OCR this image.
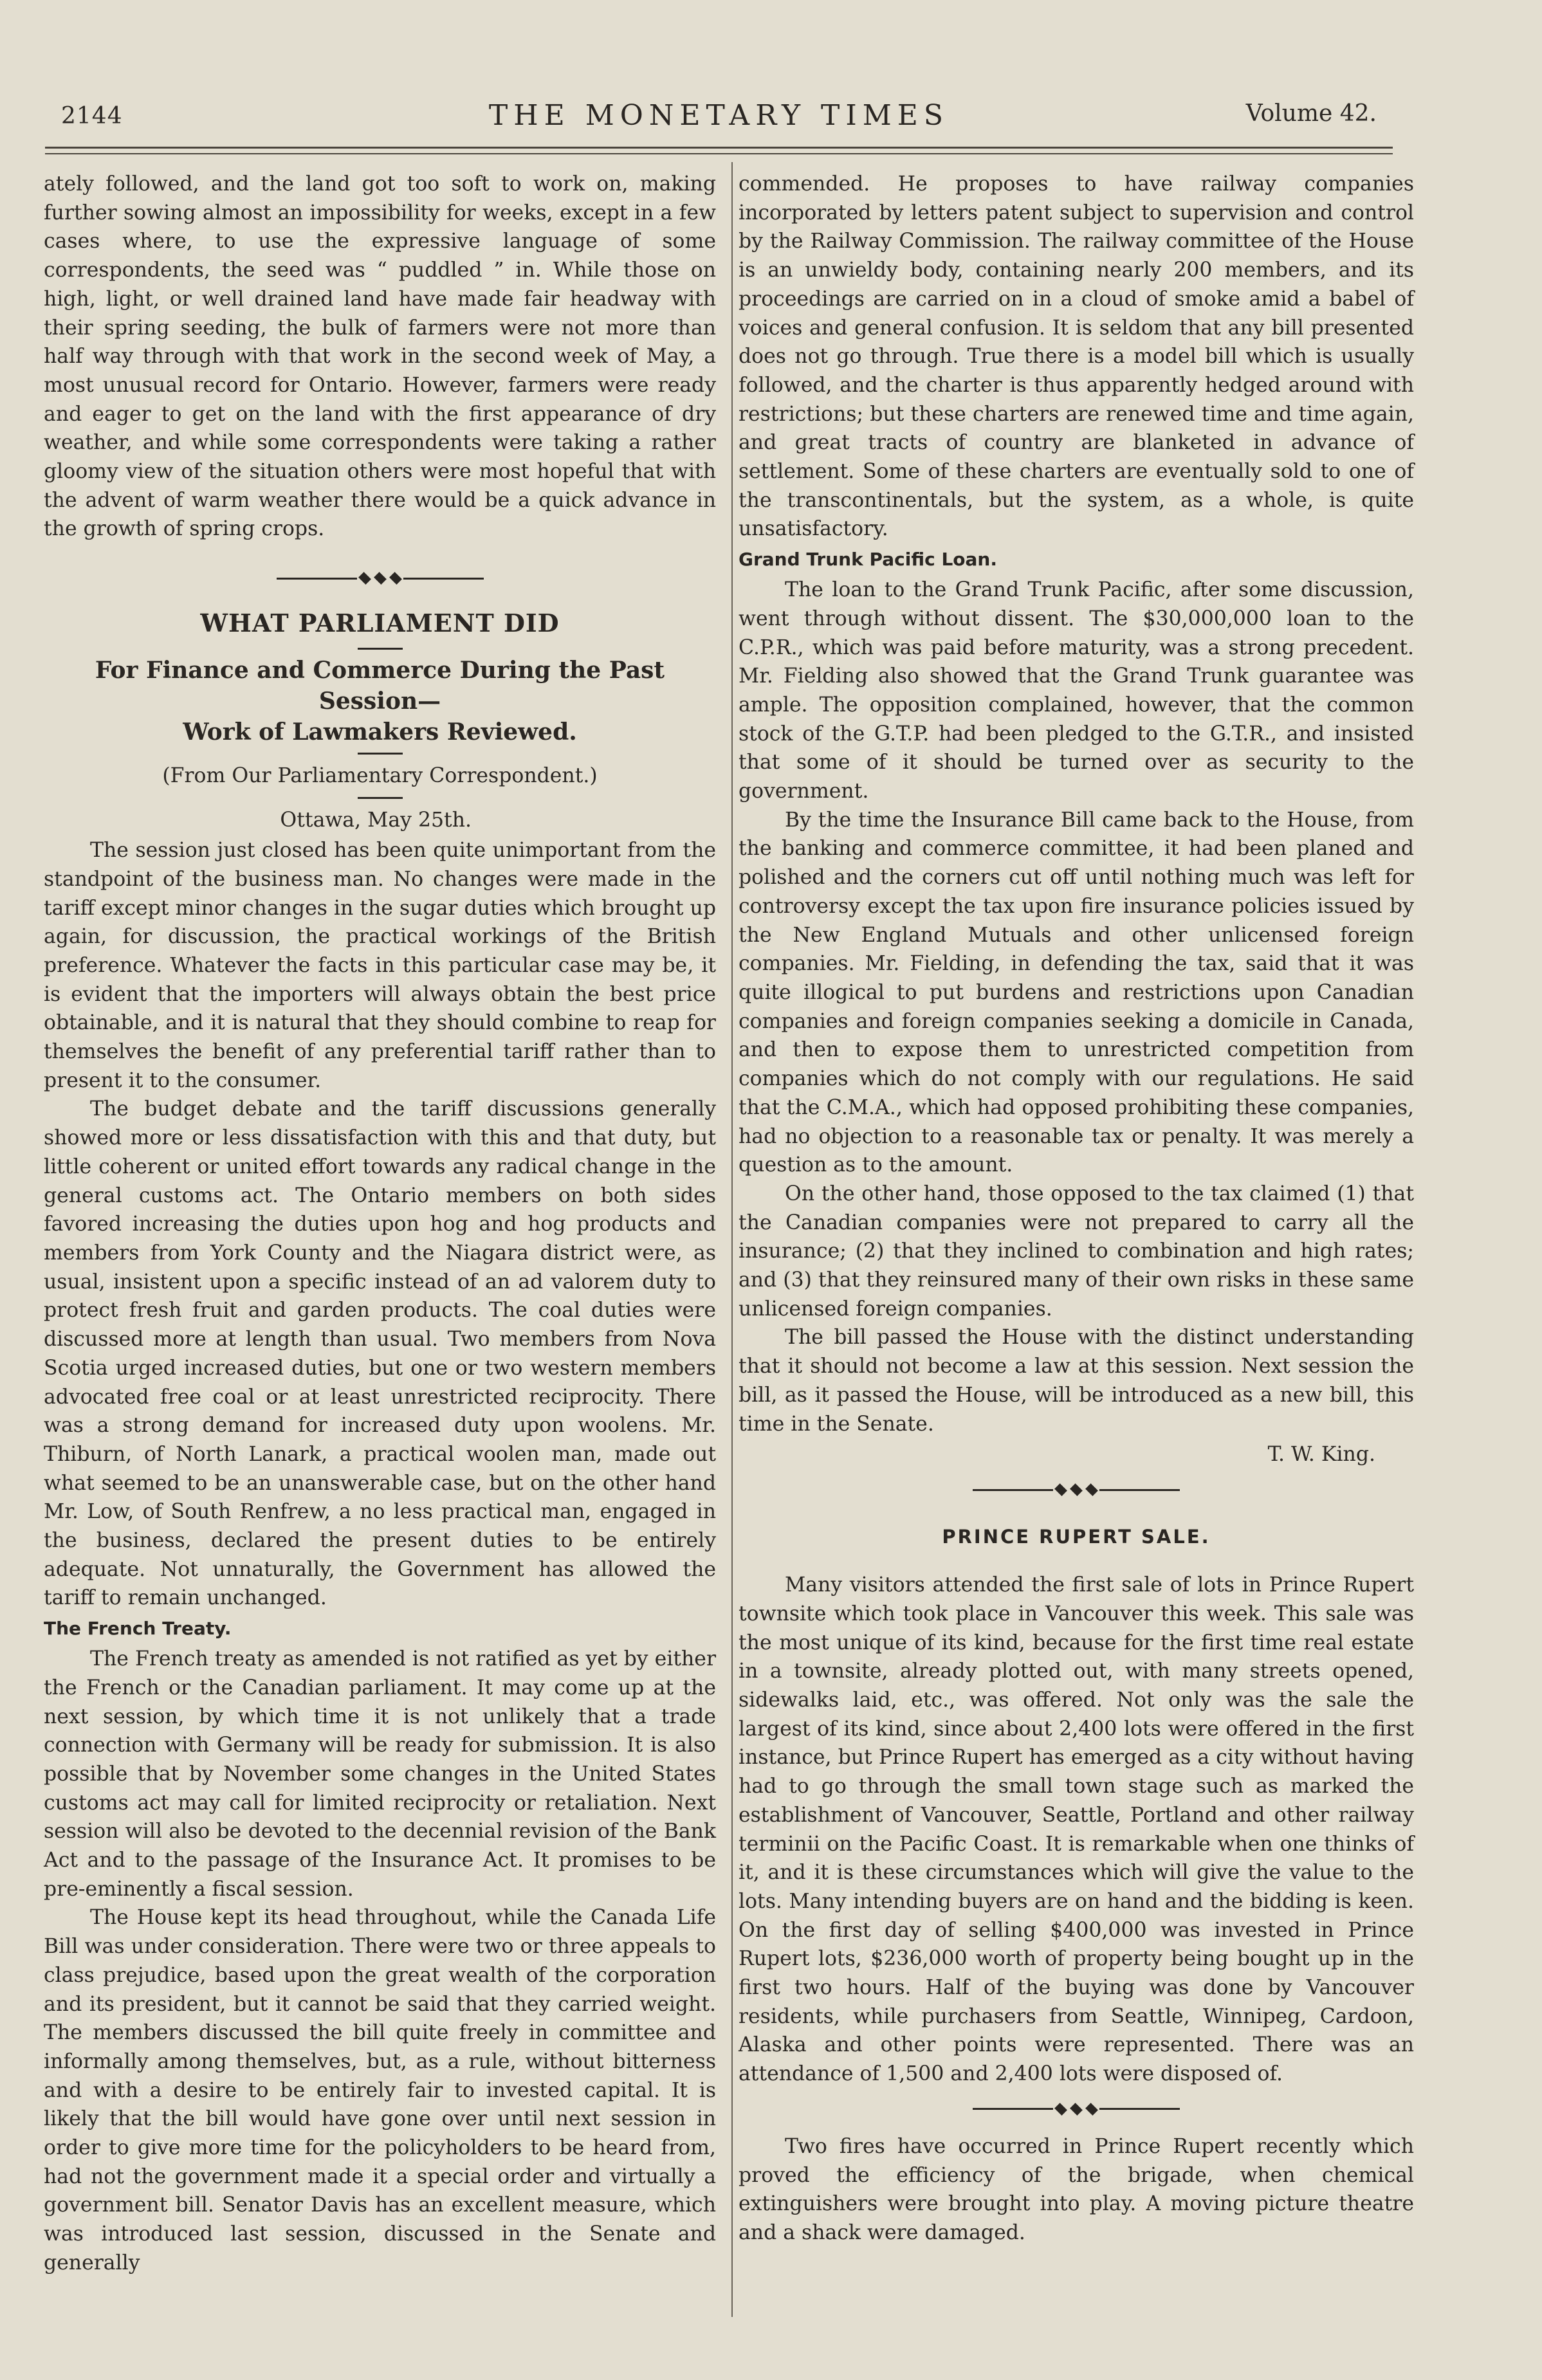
2144	THE MONETARY TIMES	Volume 42.

ately followed, and the land got too soft to work on, making further sowing almost an impossibility for weeks, except in a few cases where, to use the expressive language of some correspondents, the seed was “ puddled ” in. While those on high, light, or well drained land have made fair headway with their spring seeding, the bulk of farmers were not more than half way through with that work in the second week of May, a most unusual record for Ontario. However, farmers were ready and eager to get on the land with the first appearance of dry weather, and while some correspondents were taking a rather gloomy view of the situation others were most hopeful that with the advent of warm weather there would be a quick advance in the growth of spring crops.

WHAT PARLIAMENT DID
For Finance and Commerce During the Past Session—
Work of Lawmakers Reviewed.
(From Our Parliamentary Correspondent.)
Ottawa, May 25th.

The session just closed has been quite unimportant from the standpoint of the business man. No changes were made in the tariff except minor changes in the sugar duties which brought up again, for discussion, the practical workings of the British preference. Whatever the facts in this particular case may be, it is evident that the importers will always obtain the best price obtainable, and it is natural that they should combine to reap for themselves the benefit of any preferential tariff rather than to present it to the consumer.

The budget debate and the tariff discussions generally showed more or less dissatisfaction with this and that duty, but little coherent or united effort towards any radical change in the general customs act. The Ontario members on both sides favored increasing the duties upon hog and hog products and members from York County and the Niagara district were, as usual, insistent upon a specific instead of an ad valorem duty to protect fresh fruit and garden products. The coal duties were discussed more at length than usual. Two members from Nova Scotia urged increased duties, but one or two western members advocated free coal or at least unrestricted reciprocity. There was a strong demand for increased duty upon woolens. Mr. Thiburn, of North Lanark, a practical woolen man, made out what seemed to be an unanswerable case, but on the other hand Mr. Low, of South Renfrew, a no less practical man, engaged in the business, declared the present duties to be entirely adequate. Not unnaturally, the Government has allowed the tariff to remain unchanged.

The French Treaty.

The French treaty as amended is not ratified as yet by either the French or the Canadian parliament. It may come up at the next session, by which time it is not unlikely that a trade connection with Germany will be ready for submission. It is also possible that by November some changes in the United States customs act may call for limited reciprocity or retaliation. Next session will also be devoted to the decennial revision of the Bank Act and to the passage of the Insurance Act. It promises to be pre-eminently a fiscal session.

The House kept its head throughout, while the Canada Life Bill was under consideration. There were two or three appeals to class prejudice, based upon the great wealth of the corporation and its president, but it cannot be said that they carried weight. The members discussed the bill quite freely in committee and informally among themselves, but, as a rule, without bitterness and with a desire to be entirely fair to invested capital. It is likely that the bill would have gone over until next session in order to give more time for the policyholders to be heard from, had not the government made it a special order and virtually a government bill. Senator Davis has an excellent measure, which was introduced last session, discussed in the Senate and generally

commended. He proposes to have railway companies incorporated by letters patent subject to supervision and control by the Railway Commission. The railway committee of the House is an unwieldy body, containing nearly 200 members, and its proceedings are carried on in a cloud of smoke amid a babel of voices and general confusion. It is seldom that any bill presented does not go through. True there is a model bill which is usually followed, and the charter is thus apparently hedged around with restrictions; but these charters are renewed time and time again, and great tracts of country are blanketed in advance of settlement. Some of these charters are eventually sold to one of the transcontinentals, but the system, as a whole, is quite unsatisfactory.

Grand Trunk Pacific Loan.

The loan to the Grand Trunk Pacific, after some discussion, went through without dissent. The $30,000,000 loan to the C.P.R., which was paid before maturity, was a strong precedent. Mr. Fielding also showed that the Grand Trunk guarantee was ample. The opposition complained, however, that the common stock of the G.T.P. had been pledged to the G.T.R., and insisted that some of it should be turned over as security to the government.

By the time the Insurance Bill came back to the House, from the banking and commerce committee, it had been planed and polished and the corners cut off until nothing much was left for controversy except the tax upon fire insurance policies issued by the New England Mutuals and other unlicensed foreign companies. Mr. Fielding, in defending the tax, said that it was quite illogical to put burdens and restrictions upon Canadian companies and foreign companies seeking a domicile in Canada, and then to expose them to unrestricted competition from companies which do not comply with our regulations. He said that the C.M.A., which had opposed prohibiting these companies, had no objection to a reasonable tax or penalty. It was merely a question as to the amount.

On the other hand, those opposed to the tax claimed (1) that the Canadian companies were not prepared to carry all the insurance; (2) that they inclined to combination and high rates; and (3) that they reinsured many of their own risks in these same unlicensed foreign companies.

The bill passed the House with the distinct understanding that it should not become a law at this session. Next session the bill, as it passed the House, will be introduced as a new bill, this time in the Senate.

T. W. King.
PRINCE RUPERT SALE.

Many visitors attended the first sale of lots in Prince Rupert townsite which took place in Vancouver this week. This sale was the most unique of its kind, because for the first time real estate in a townsite, already plotted out, with many streets opened, sidewalks laid, etc., was offered. Not only was the sale the largest of its kind, since about 2,400 lots were offered in the first instance, but Prince Rupert has emerged as a city without having had to go through the small town stage such as marked the establishment of Vancouver, Seattle, Portland and other railway terminii on the Pacific Coast. It is remarkable when one thinks of it, and it is these circumstances which will give the value to the lots. Many intending buyers are on hand and the bidding is keen. On the first day of selling $400,000 was invested in Prince Rupert lots, $236,000 worth of property being bought up in the first two hours. Half of the buying was done by Vancouver residents, while purchasers from Seattle, Winnipeg, Cardoon, Alaska and other points were represented. There was an attendance of 1,500 and 2,400 lots were disposed of.

Two fires have occurred in Prince Rupert recently which proved the efficiency of the brigade, when chemical extinguishers were brought into play. A moving picture theatre and a shack were damaged.
